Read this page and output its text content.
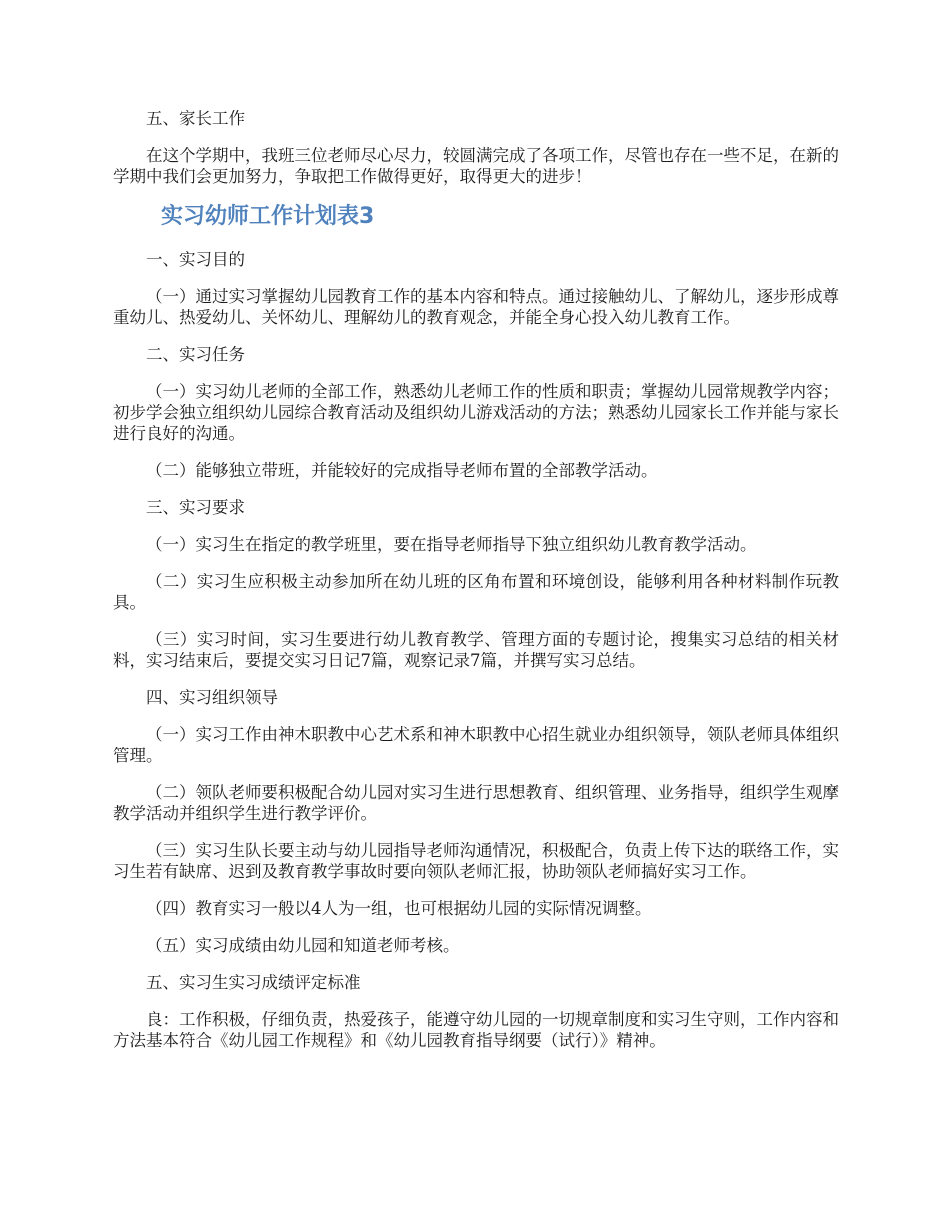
五、家长工作

在这个学期中，我班三位老师尽心尽力，较圆满完成了各项工作，尽管也存在一些不足，在新的学期中我们会更加努力，争取把工作做得更好，取得更大的进步！

实习幼师工作计划表3

一、实习目的

（一）通过实习掌握幼儿园教育工作的基本内容和特点。通过接触幼儿、了解幼儿，逐步形成尊重幼儿、热爱幼儿、关怀幼儿、理解幼儿的教育观念，并能全身心投入幼儿教育工作。

二、实习任务

（一）实习幼儿老师的全部工作，熟悉幼儿老师工作的性质和职责；掌握幼儿园常规教学内容；初步学会独立组织幼儿园综合教育活动及组织幼儿游戏活动的方法；熟悉幼儿园家长工作并能与家长进行良好的沟通。

（二）能够独立带班，并能较好的完成指导老师布置的全部教学活动。

三、实习要求

（一）实习生在指定的教学班里，要在指导老师指导下独立组织幼儿教育教学活动。

（二）实习生应积极主动参加所在幼儿班的区角布置和环境创设，能够利用各种材料制作玩教具。

（三）实习时间，实习生要进行幼儿教育教学、管理方面的专题讨论，搜集实习总结的相关材料，实习结束后，要提交实习日记7篇，观察记录7篇，并撰写实习总结。

四、实习组织领导

（一）实习工作由神木职教中心艺术系和神木职教中心招生就业办组织领导，领队老师具体组织管理。

（二）领队老师要积极配合幼儿园对实习生进行思想教育、组织管理、业务指导，组织学生观摩教学活动并组织学生进行教学评价。

（三）实习生队长要主动与幼儿园指导老师沟通情况，积极配合，负责上传下达的联络工作，实习生若有缺席、迟到及教育教学事故时要向领队老师汇报，协助领队老师搞好实习工作。

（四）教育实习一般以4人为一组，也可根据幼儿园的实际情况调整。

（五）实习成绩由幼儿园和知道老师考核。

五、实习生实习成绩评定标准

良：工作积极，仔细负责，热爱孩子，能遵守幼儿园的一切规章制度和实习生守则，工作内容和方法基本符合《幼儿园工作规程》和《幼儿园教育指导纲要（试行）》精神。
